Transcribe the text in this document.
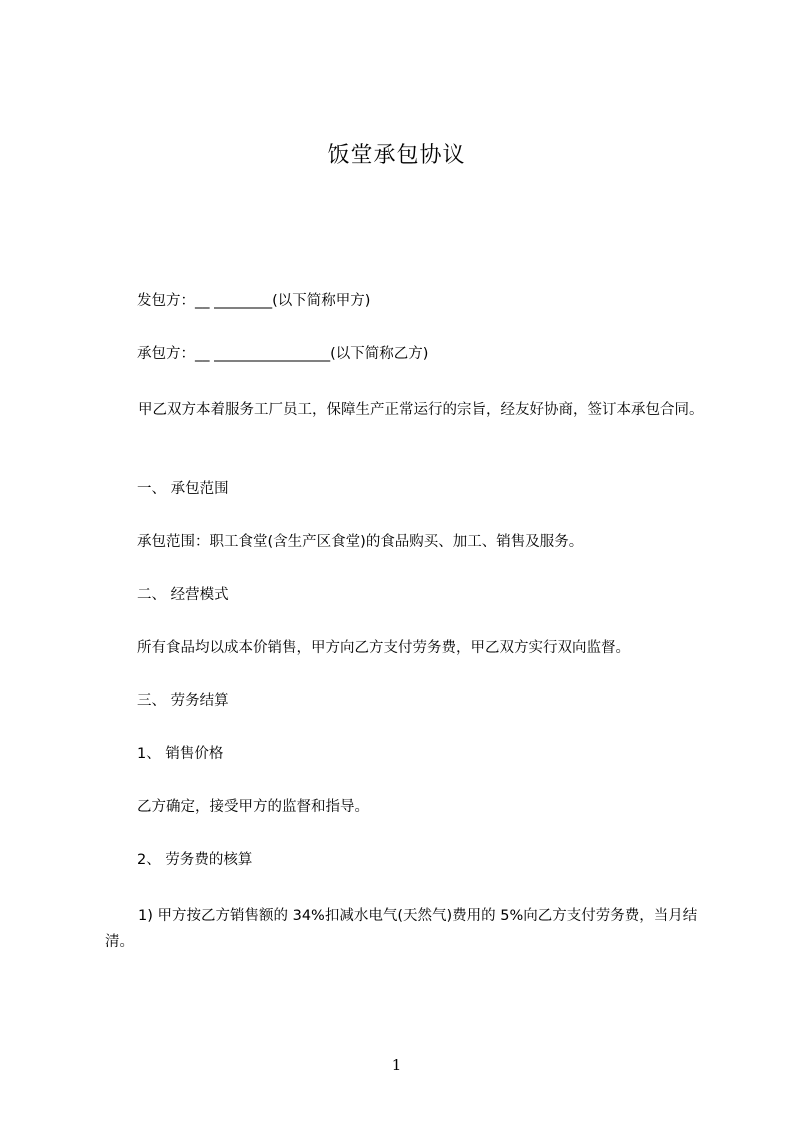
饭堂承包协议
发包方：__ ________(以下简称甲方)
承包方：__ ________________(以下简称乙方)
甲乙双方本着服务工厂员工，保障生产正常运行的宗旨，经友好协商，签订本承包合同。
一、 承包范围
承包范围：职工食堂(含生产区食堂)的食品购买、加工、销售及服务。
二、 经营模式
所有食品均以成本价销售，甲方向乙方支付劳务费，甲乙双方实行双向监督。
三、 劳务结算
1、 销售价格
乙方确定，接受甲方的监督和指导。
2、 劳务费的核算
1) 甲方按乙方销售额的 34%扣减水电气(天然气)费用的 5%向乙方支付劳务费，当月结清。
1
